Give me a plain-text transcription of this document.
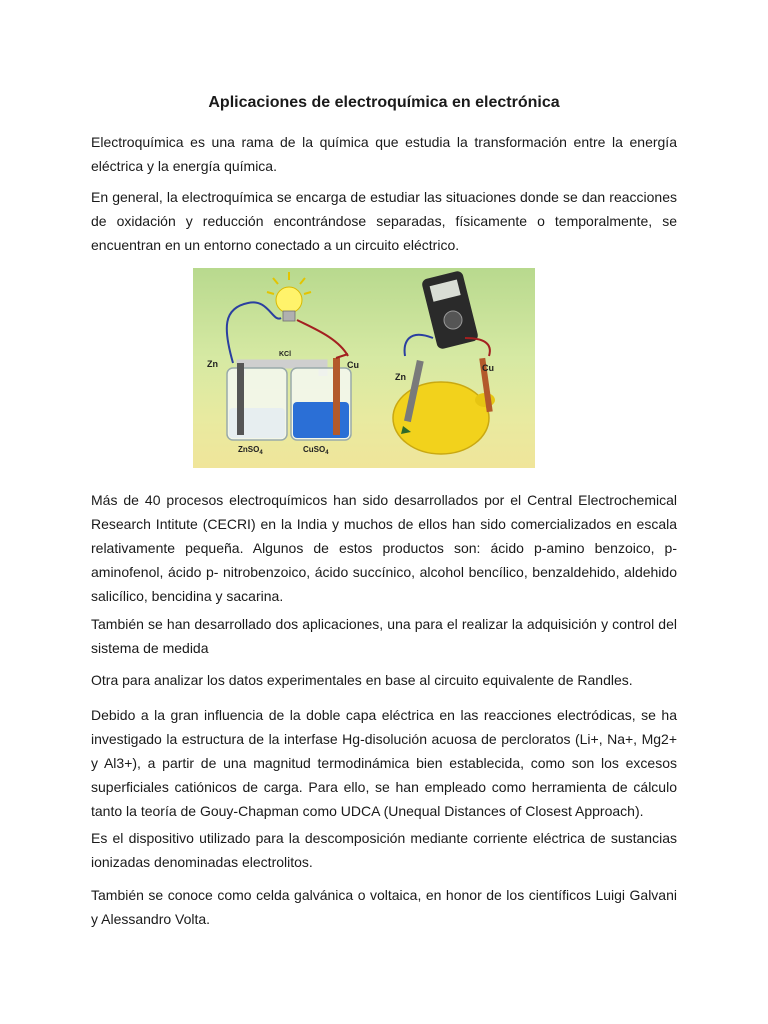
Aplicaciones de electroquímica en electrónica

Electroquímica es una rama de la química que estudia la transformación entre la energía eléctrica y la energía química.

En general, la electroquímica se encarga de estudiar las situaciones donde se dan reacciones de oxidación y reducción encontrándose separadas, físicamente o temporalmente, se encuentran en un entorno conectado a un circuito eléctrico.

KCl
Zn	Cu
ZnSO$_4$	CuSO$_4$
Zn
Cu

Más de 40 procesos electroquímicos han sido desarrollados por el Central Electrochemical Research Intitute (CECRI) en la India y muchos de ellos han sido comercializados en escala relativamente pequeña. Algunos de estos productos son: ácido p-amino benzoico, p-aminofenol, ácido p- nitrobenzoico, ácido succínico, alcohol bencílico, benzaldehido, aldehido salicílico, bencidina y sacarina.

También se han desarrollado dos aplicaciones, una para el realizar la adquisición y control del sistema de medida

Otra para analizar los datos experimentales en base al circuito equivalente de Randles.

Debido a la gran influencia de la doble capa eléctrica en las reacciones electródicas, se ha investigado la estructura de la interfase Hg-disolución acuosa de percloratos (Li+, Na+, Mg2+ y Al3+), a partir de una magnitud termodinámica bien establecida, como son los excesos superficiales catiónicos de carga. Para ello, se han empleado como herramienta de cálculo tanto la teoría de Gouy-Chapman como UDCA (Unequal Distances of Closest Approach).

Es el dispositivo utilizado para la descomposición mediante corriente eléctrica de sustancias ionizadas denominadas electrolitos.

También se conoce como celda galvánica o voltaica, en honor de los científicos Luigi Galvani y Alessandro Volta.
